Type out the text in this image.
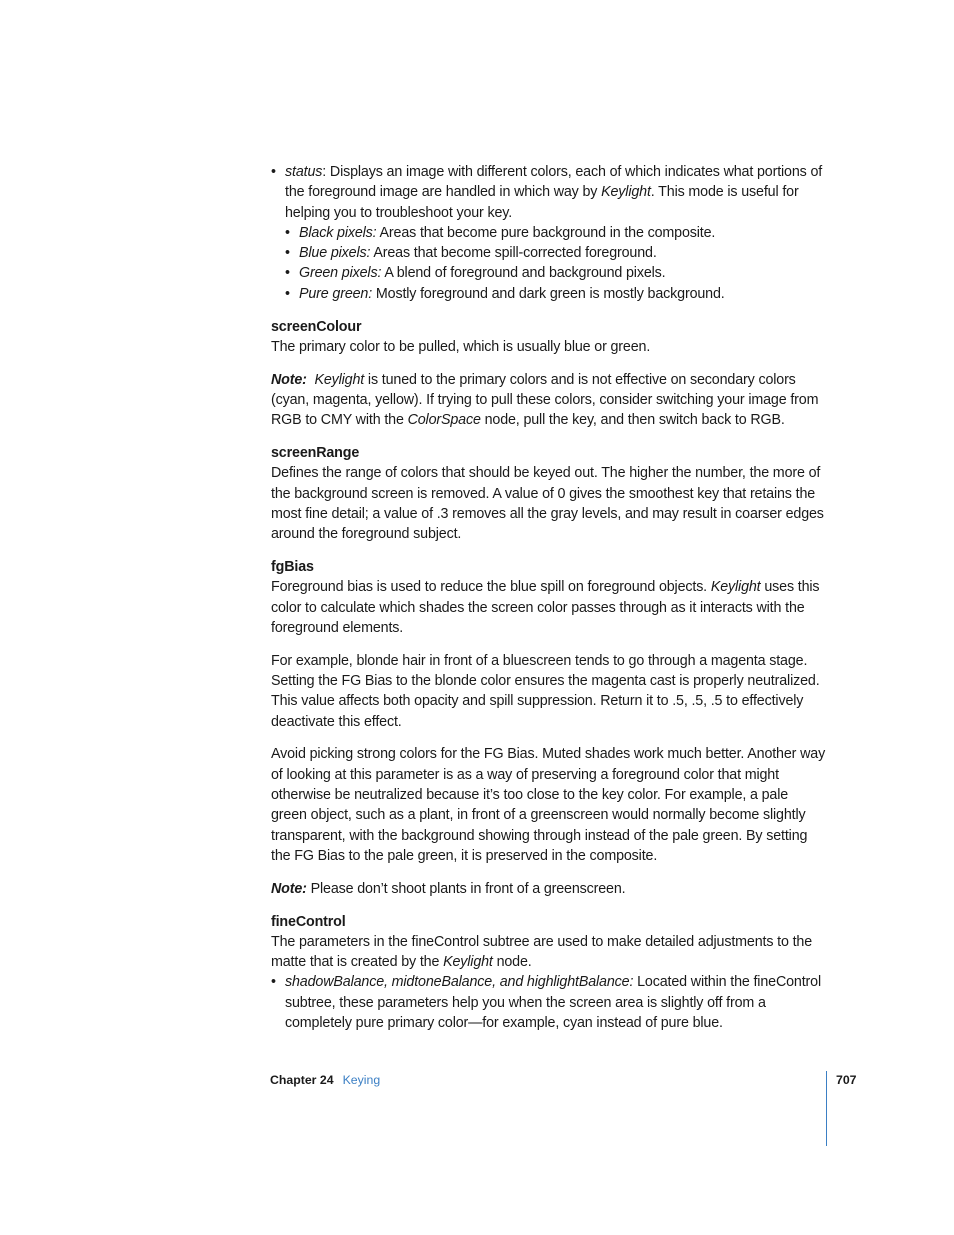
• status: Displays an image with different colors, each of which indicates what portions of the foreground image are handled in which way by Keylight. This mode is useful for helping you to troubleshoot your key.

• Black pixels: Areas that become pure background in the composite.

• Blue pixels: Areas that become spill-corrected foreground.

• Green pixels: A blend of foreground and background pixels.

• Pure green: Mostly foreground and dark green is mostly background.

screenColour

The primary color to be pulled, which is usually blue or green.

Note: Keylight is tuned to the primary colors and is not effective on secondary colors (cyan, magenta, yellow). If trying to pull these colors, consider switching your image from RGB to CMY with the ColorSpace node, pull the key, and then switch back to RGB.

screenRange

Defines the range of colors that should be keyed out. The higher the number, the more of the background screen is removed. A value of 0 gives the smoothest key that retains the most fine detail; a value of .3 removes all the gray levels, and may result in coarser edges around the foreground subject.

fgBias

Foreground bias is used to reduce the blue spill on foreground objects. Keylight uses this color to calculate which shades the screen color passes through as it interacts with the foreground elements.

For example, blonde hair in front of a bluescreen tends to go through a magenta stage. Setting the FG Bias to the blonde color ensures the magenta cast is properly neutralized. This value affects both opacity and spill suppression. Return it to .5, .5, .5 to effectively deactivate this effect.

Avoid picking strong colors for the FG Bias. Muted shades work much better. Another way of looking at this parameter is as a way of preserving a foreground color that might otherwise be neutralized because it’s too close to the key color. For example, a pale green object, such as a plant, in front of a greenscreen would normally become slightly transparent, with the background showing through instead of the pale green. By setting the FG Bias to the pale green, it is preserved in the composite.

Note: Please don’t shoot plants in front of a greenscreen.

fineControl

The parameters in the fineControl subtree are used to make detailed adjustments to the matte that is created by the Keylight node.

• shadowBalance, midtoneBalance, and highlightBalance: Located within the fineControl subtree, these parameters help you when the screen area is slightly off from a completely pure primary color—for example, cyan instead of pure blue.

Chapter 24 Keying	707
